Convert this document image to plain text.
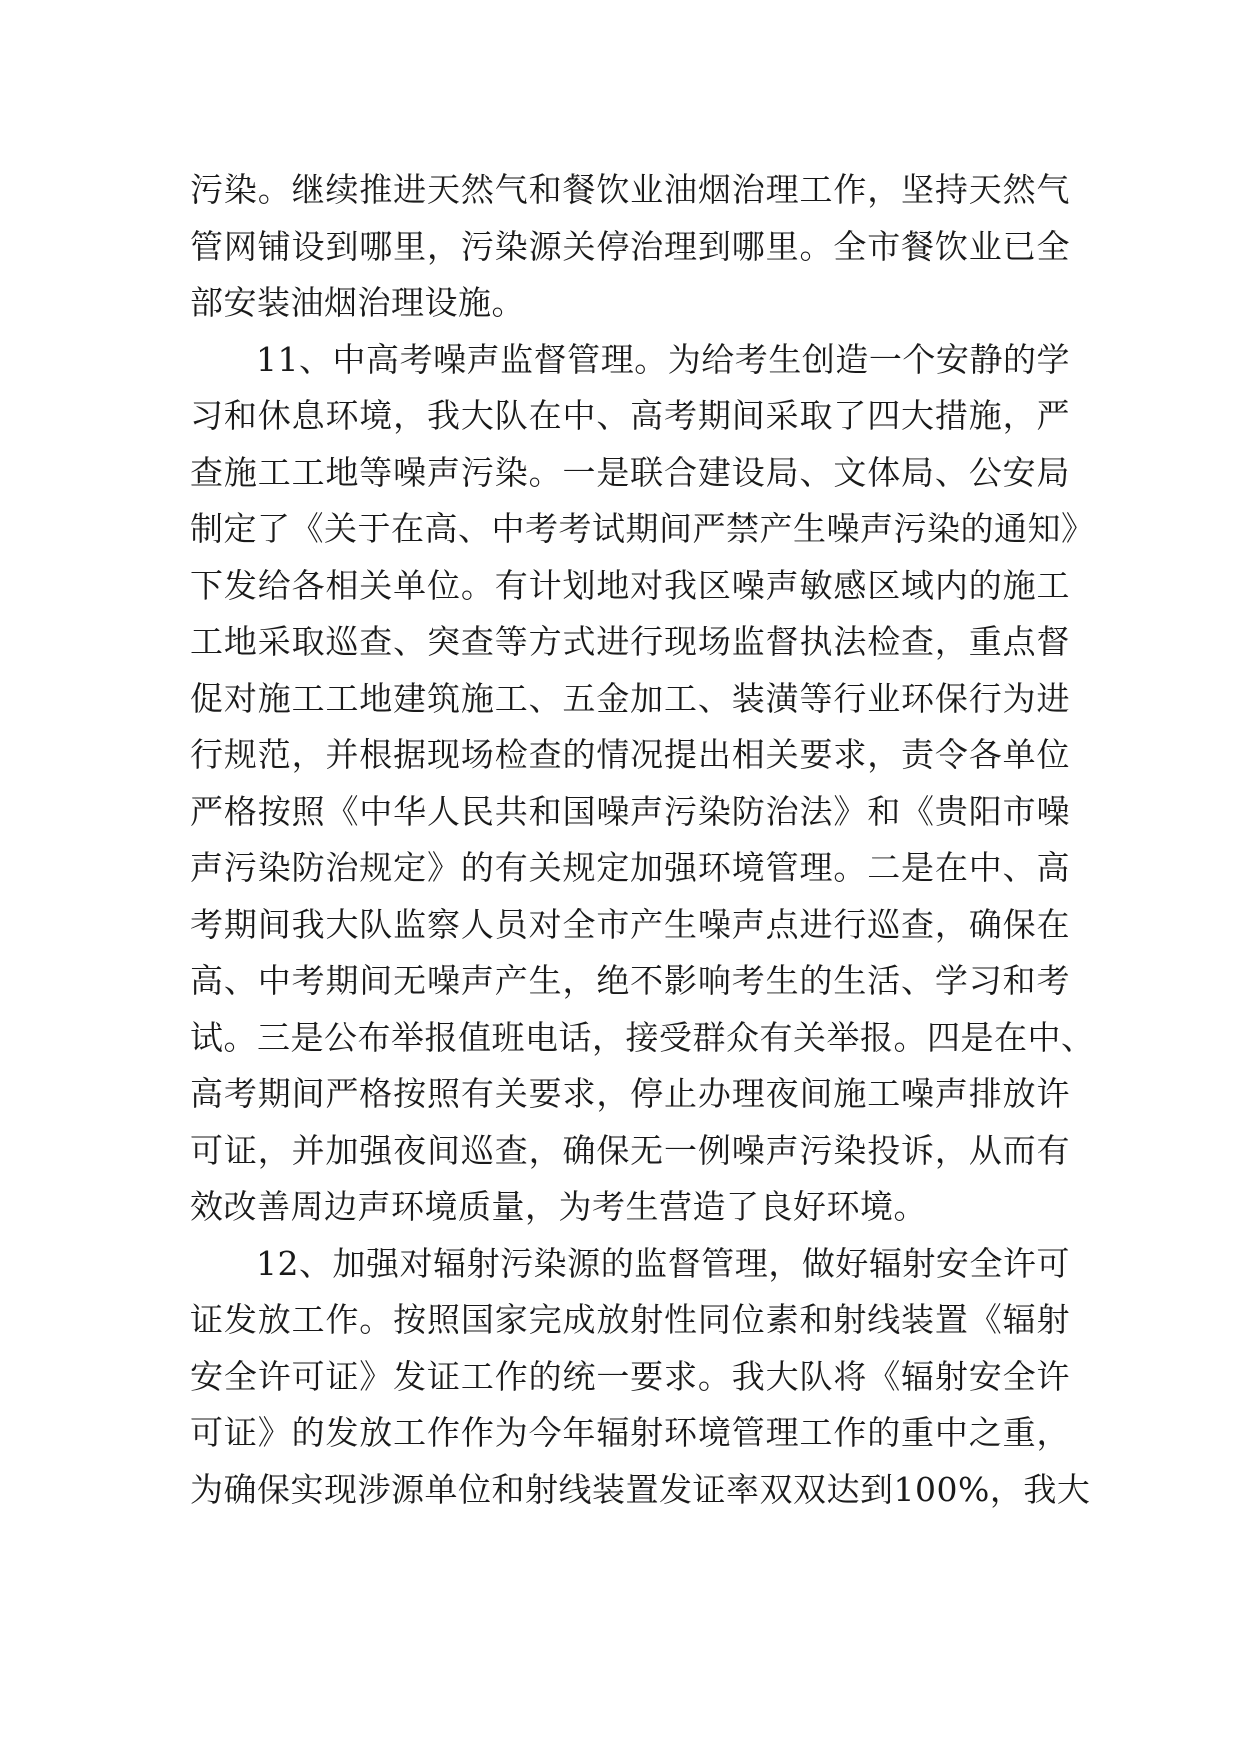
污染。继续推进天然气和餐饮业油烟治理工作，坚持天然气
管网铺设到哪里，污染源关停治理到哪里。全市餐饮业已全
部安装油烟治理设施。
11、中高考噪声监督管理。为给考生创造一个安静的学
习和休息环境，我大队在中、高考期间采取了四大措施，严
查施工工地等噪声污染。一是联合建设局、文体局、公安局
制定了《关于在高、中考考试期间严禁产生噪声污染的通知》
下发给各相关单位。有计划地对我区噪声敏感区域内的施工
工地采取巡查、突查等方式进行现场监督执法检查，重点督
促对施工工地建筑施工、五金加工、装潢等行业环保行为进
行规范，并根据现场检查的情况提出相关要求，责令各单位
严格按照《中华人民共和国噪声污染防治法》和《贵阳市噪
声污染防治规定》的有关规定加强环境管理。二是在中、高
考期间我大队监察人员对全市产生噪声点进行巡查，确保在
高、中考期间无噪声产生，绝不影响考生的生活、学习和考
试。三是公布举报值班电话，接受群众有关举报。四是在中、
高考期间严格按照有关要求，停止办理夜间施工噪声排放许
可证，并加强夜间巡查，确保无一例噪声污染投诉，从而有
效改善周边声环境质量，为考生营造了良好环境。
12、加强对辐射污染源的监督管理，做好辐射安全许可
证发放工作。按照国家完成放射性同位素和射线装置《辐射
安全许可证》发证工作的统一要求。我大队将《辐射安全许
可证》的发放工作作为今年辐射环境管理工作的重中之重，
为确保实现涉源单位和射线装置发证率双双达到100%，我大
